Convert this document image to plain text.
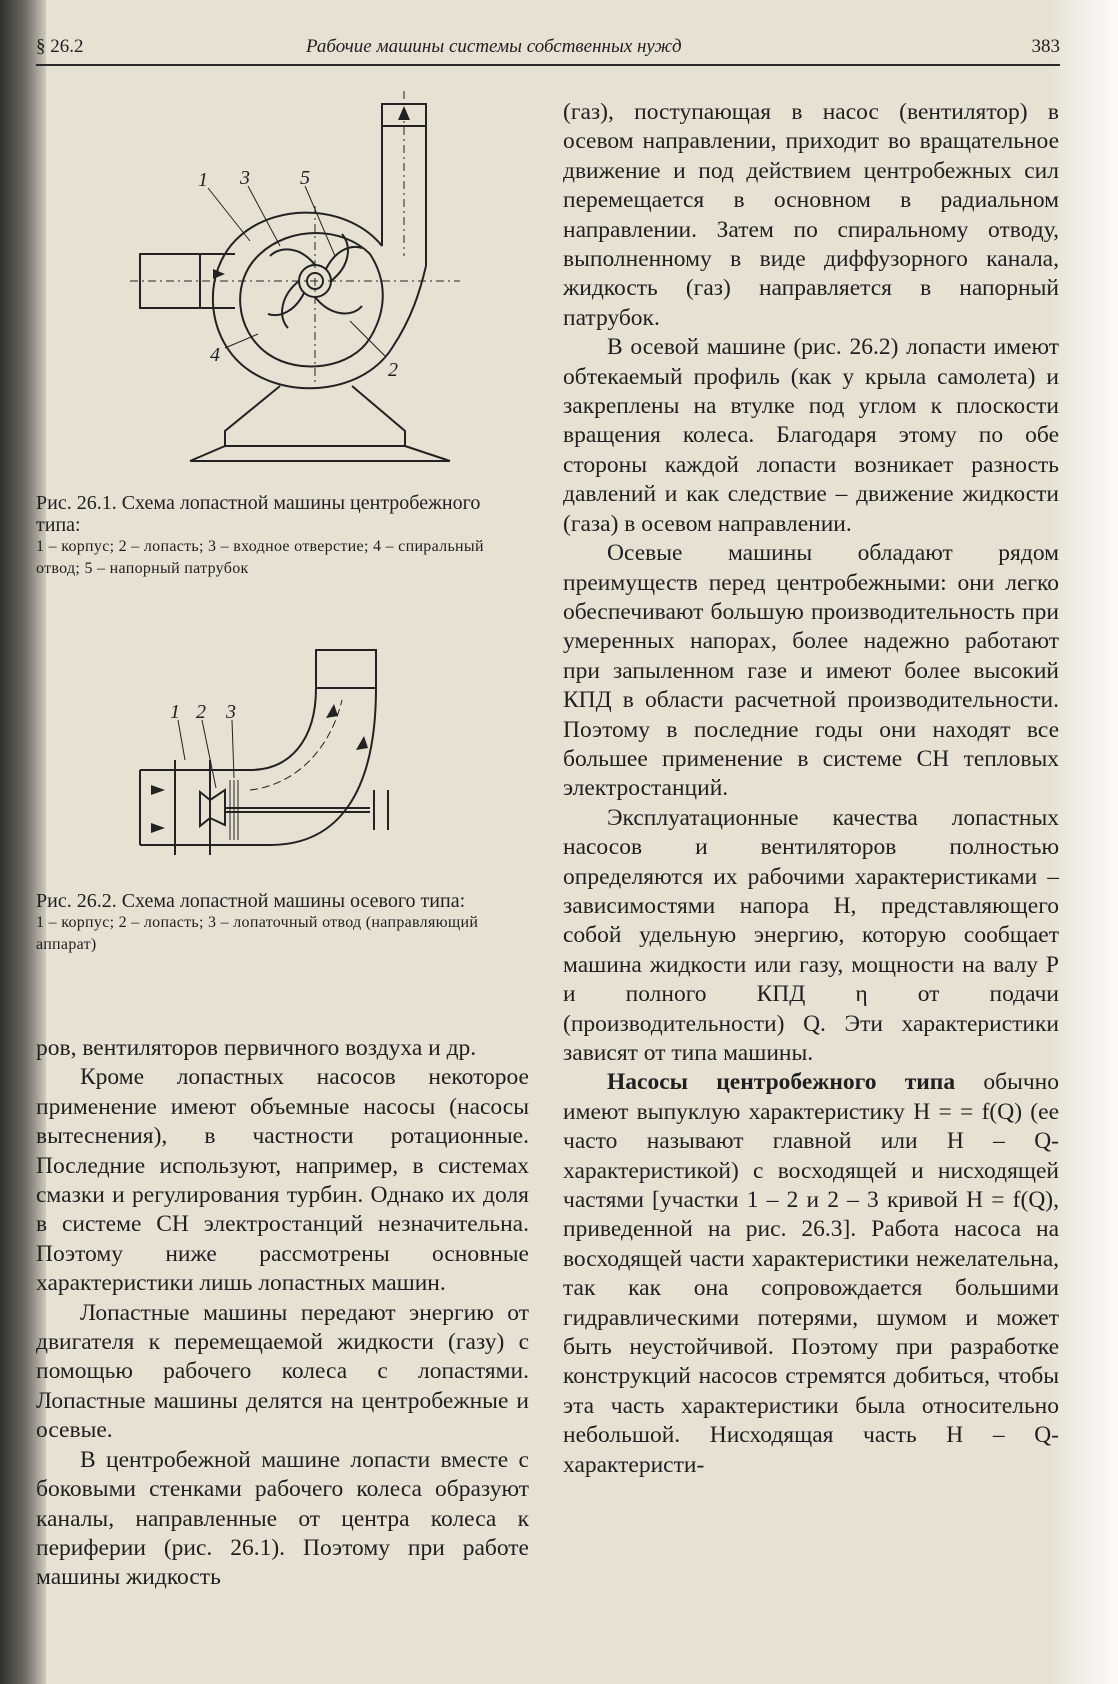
§ 26.2	Рабочие машины системы собственных нужд	383
1 3	5
4
2
Рис. 26.1. Схема лопастной машины центробежного типа:
1 – корпус; 2 – лопасть; 3 – входное отверстие; 4 – спиральный отвод; 5 – напорный патрубок
1 2 3
Рис. 26.2. Схема лопастной машины осевого типа:
1 – корпус; 2 – лопасть; 3 – лопаточный отвод (направляющий аппарат)

(газ), поступающая в насос (вентилятор) в осевом направлении, приходит во вращательное движение и под действием центробежных сил перемещается в основном в радиальном направлении. Затем по спиральному отводу, выполненному в виде диффузорного канала, жидкость (газ) направляется в напорный патрубок.

В осевой машине (рис. 26.2) лопасти имеют обтекаемый профиль (как у крыла самолета) и закреплены на втулке под углом к плоскости вращения колеса. Благодаря этому по обе стороны каждой лопасти возникает разность давлений и как следствие – движение жидкости (газа) в осевом направлении.

Осевые машины обладают рядом преимуществ перед центробежными: они легко обеспечивают большую производительность при умеренных напорах, более надежно работают при запыленном газе и имеют более высокий КПД в области расчетной производительности. Поэтому в последние годы они находят все большее применение в системе СН тепловых электростанций.

Эксплуатационные качества лопастных насосов и вентиляторов полностью определяются их рабочими характеристиками – зависимостями напора H, представляющего собой удельную энергию, которую сообщает машина жидкости или газу, мощности на валу P и полного КПД η от подачи (производительности) Q. Эти характеристики зависят от типа машины.

Насосы центробежного типа обычно имеют выпуклую характеристику H = = f(Q) (ее часто называют главной или H – Q-характеристикой) с восходящей и нисходящей частями [участки 1 – 2 и 2 – 3 кривой H = f(Q), приведенной на рис. 26.3]. Работа насоса на восходящей части характеристики нежелательна, так как она сопровождается большими гидравлическими потерями, шумом и может быть неустойчивой. Поэтому при разработке конструкций насосов стремятся добиться, чтобы эта часть характеристики была относительно небольшой. Нисходящая часть H – Q-характеристи-

ров, вентиляторов первичного воздуха и др.

Кроме лопастных насосов некоторое применение имеют объемные насосы (насосы вытеснения), в частности ротационные. Последние используют, например, в системах смазки и регулирования турбин. Однако их доля в системе СН электростанций незначительна. Поэтому ниже рассмотрены основные характеристики лишь лопастных машин.

Лопастные машины передают энергию от двигателя к перемещаемой жидкости (газу) с помощью рабочего колеса с лопастями. Лопастные машины делятся на центробежные и осевые.

В центробежной машине лопасти вместе с боковыми стенками рабочего колеса образуют каналы, направленные от центра колеса к периферии (рис. 26.1). Поэтому при работе машины жидкость
